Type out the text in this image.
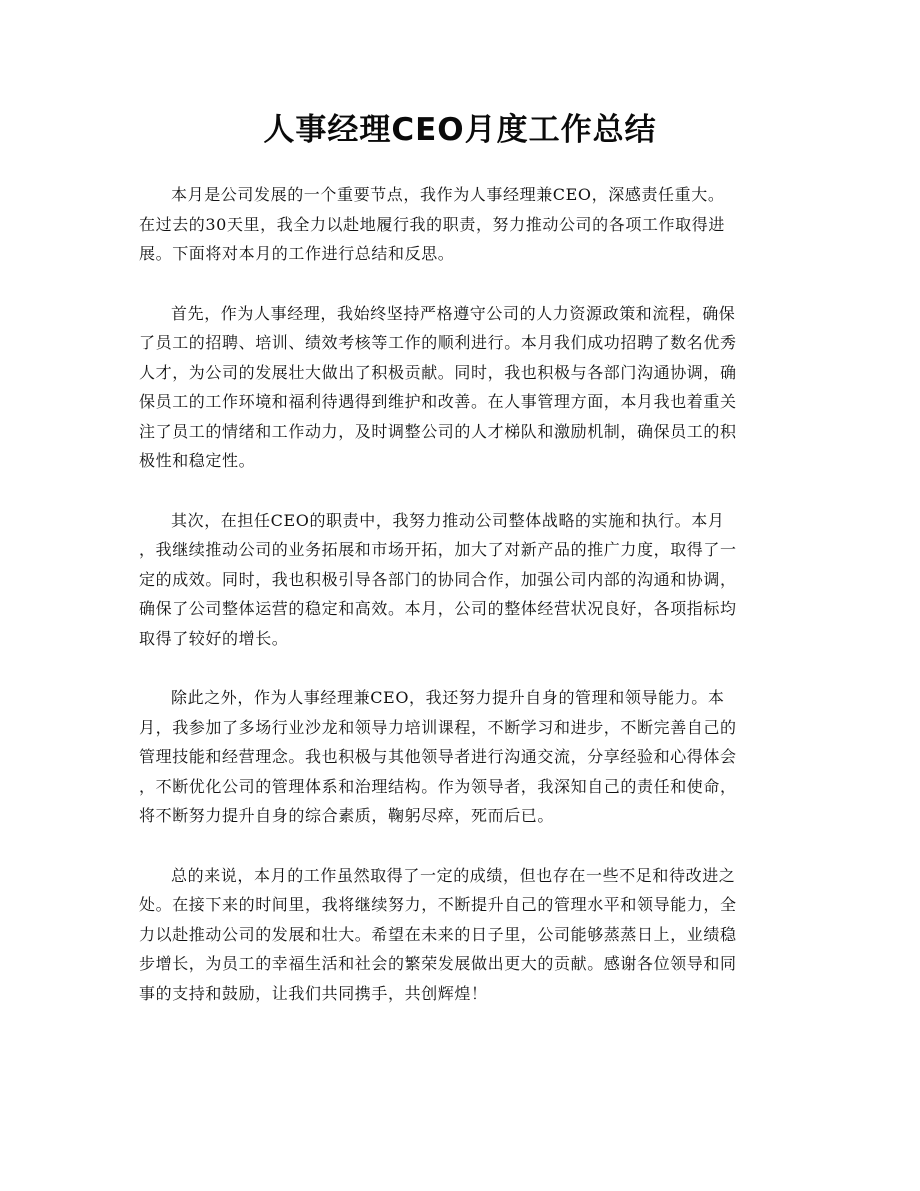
人事经理CEO月度工作总结

本月是公司发展的一个重要节点，我作为人事经理兼CEO，深感责任重大。
在过去的30天里，我全力以赴地履行我的职责，努力推动公司的各项工作取得进
展。下面将对本月的工作进行总结和反思。

首先，作为人事经理，我始终坚持严格遵守公司的人力资源政策和流程，确保
了员工的招聘、培训、绩效考核等工作的顺利进行。本月我们成功招聘了数名优秀
人才，为公司的发展壮大做出了积极贡献。同时，我也积极与各部门沟通协调，确
保员工的工作环境和福利待遇得到维护和改善。在人事管理方面，本月我也着重关
注了员工的情绪和工作动力，及时调整公司的人才梯队和激励机制，确保员工的积
极性和稳定性。

其次，在担任CEO的职责中，我努力推动公司整体战略的实施和执行。本月
，我继续推动公司的业务拓展和市场开拓，加大了对新产品的推广力度，取得了一
定的成效。同时，我也积极引导各部门的协同合作，加强公司内部的沟通和协调，
确保了公司整体运营的稳定和高效。本月，公司的整体经营状况良好，各项指标均
取得了较好的增长。

除此之外，作为人事经理兼CEO，我还努力提升自身的管理和领导能力。本
月，我参加了多场行业沙龙和领导力培训课程，不断学习和进步，不断完善自己的
管理技能和经营理念。我也积极与其他领导者进行沟通交流，分享经验和心得体会
，不断优化公司的管理体系和治理结构。作为领导者，我深知自己的责任和使命，
将不断努力提升自身的综合素质，鞠躬尽瘁，死而后已。

总的来说，本月的工作虽然取得了一定的成绩，但也存在一些不足和待改进之
处。在接下来的时间里，我将继续努力，不断提升自己的管理水平和领导能力，全
力以赴推动公司的发展和壮大。希望在未来的日子里，公司能够蒸蒸日上，业绩稳
步增长，为员工的幸福生活和社会的繁荣发展做出更大的贡献。感谢各位领导和同
事的支持和鼓励，让我们共同携手，共创辉煌！
